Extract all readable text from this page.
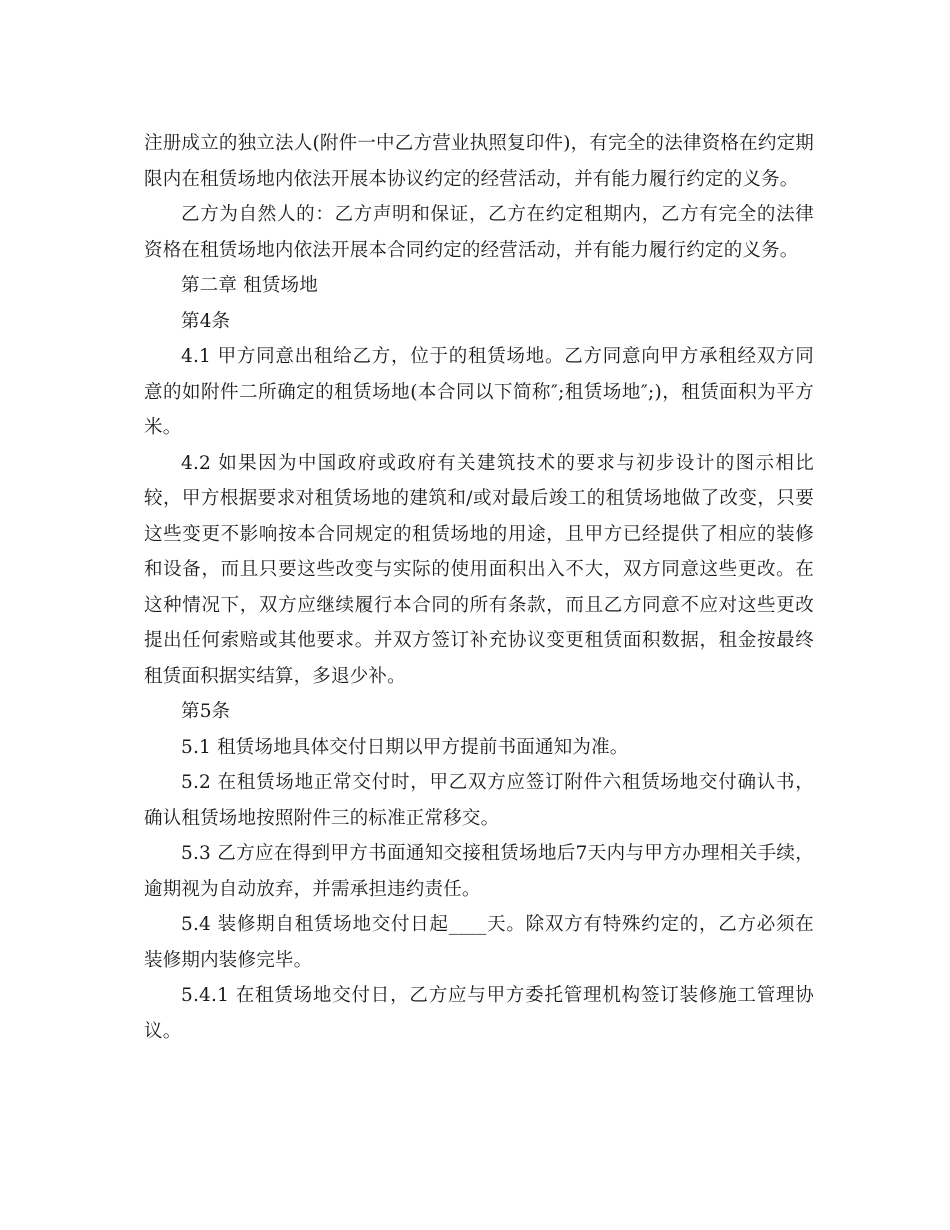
注册成立的独立法人(附件一中乙方营业执照复印件)，有完全的法律资格在约定期限内在租赁场地内依法开展本协议约定的经营活动，并有能力履行约定的义务。

乙方为自然人的：乙方声明和保证，乙方在约定租期内，乙方有完全的法律资格在租赁场地内依法开展本合同约定的经营活动，并有能力履行约定的义务。

第二章 租赁场地

第4条

4.1 甲方同意出租给乙方，位于的租赁场地。乙方同意向甲方承租经双方同意的如附件二所确定的租赁场地(本合同以下简称″;租赁场地″;)，租赁面积为平方米。

4.2 如果因为中国政府或政府有关建筑技术的要求与初步设计的图示相比较，甲方根据要求对租赁场地的建筑和/或对最后竣工的租赁场地做了改变，只要这些变更不影响按本合同规定的租赁场地的用途，且甲方已经提供了相应的装修和设备，而且只要这些改变与实际的使用面积出入不大，双方同意这些更改。在这种情况下，双方应继续履行本合同的所有条款，而且乙方同意不应对这些更改提出任何索赔或其他要求。并双方签订补充协议变更租赁面积数据，租金按最终租赁面积据实结算，多退少补。

第5条

5.1 租赁场地具体交付日期以甲方提前书面通知为准。

5.2 在租赁场地正常交付时，甲乙双方应签订附件六租赁场地交付确认书，确认租赁场地按照附件三的标准正常移交。

5.3 乙方应在得到甲方书面通知交接租赁场地后7天内与甲方办理相关手续，逾期视为自动放弃，并需承担违约责任。

5.4 装修期自租赁场地交付日起____天。除双方有特殊约定的，乙方必须在装修期内装修完毕。

5.4.1 在租赁场地交付日，乙方应与甲方委托管理机构签订装修施工管理协议。
